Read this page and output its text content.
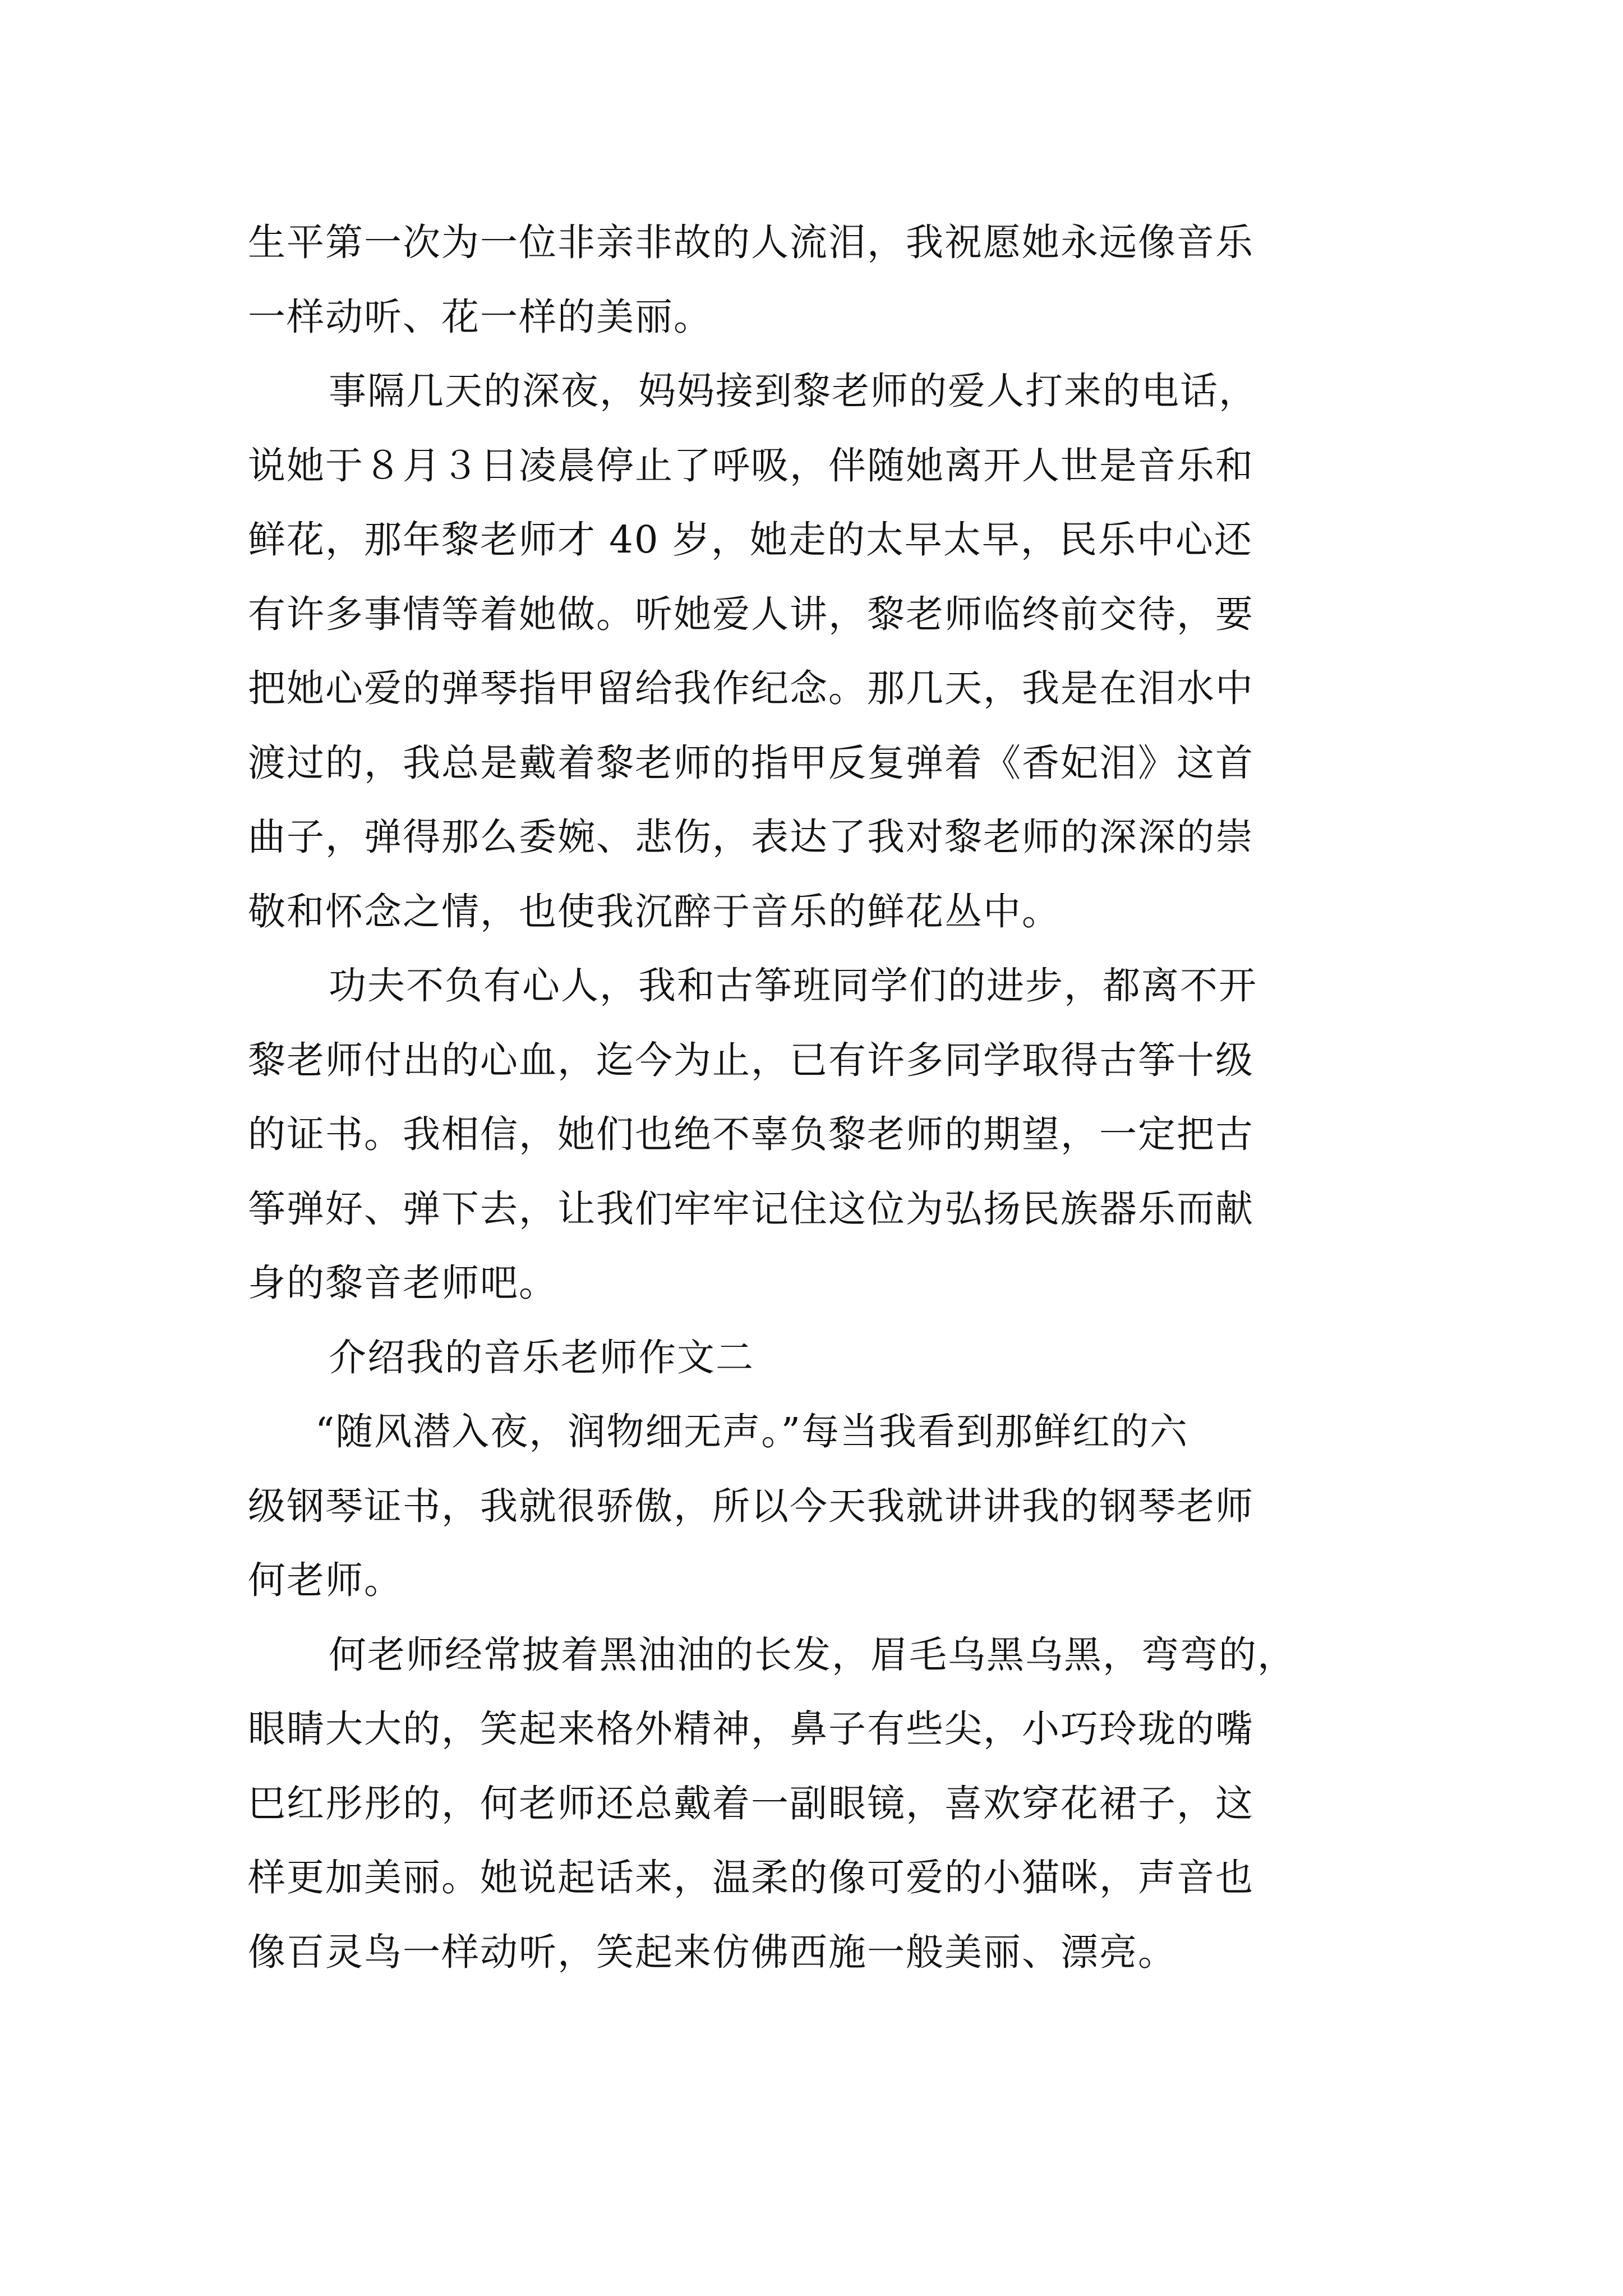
生平第一次为一位非亲非故的人流泪，我祝愿她永远像音乐
一样动听、花一样的美丽。
事隔几天的深夜，妈妈接到黎老师的爱人打来的电话，
说她于８月３日凌晨停止了呼吸，伴随她离开人世是音乐和
鲜花，那年黎老师才 40 岁，她走的太早太早，民乐中心还
有许多事情等着她做。听她爱人讲，黎老师临终前交待，要
把她心爱的弹琴指甲留给我作纪念。那几天，我是在泪水中
渡过的，我总是戴着黎老师的指甲反复弹着《香妃泪》这首
曲子，弹得那么委婉、悲伤，表达了我对黎老师的深深的崇
敬和怀念之情，也使我沉醉于音乐的鲜花丛中。
功夫不负有心人，我和古筝班同学们的进步，都离不开
黎老师付出的心血，迄今为止，已有许多同学取得古筝十级
的证书。我相信，她们也绝不辜负黎老师的期望，一定把古
筝弹好、弹下去，让我们牢牢记住这位为弘扬民族器乐而献
身的黎音老师吧。
介绍我的音乐老师作文二
“随风潜入夜，润物细无声。”每当我看到那鲜红的六
级钢琴证书，我就很骄傲，所以今天我就讲讲我的钢琴老师
何老师。
何老师经常披着黑油油的长发，眉毛乌黑乌黑，弯弯的，
眼睛大大的，笑起来格外精神，鼻子有些尖，小巧玲珑的嘴
巴红彤彤的，何老师还总戴着一副眼镜，喜欢穿花裙子，这
样更加美丽。她说起话来，温柔的像可爱的小猫咪，声音也
像百灵鸟一样动听，笑起来仿佛西施一般美丽、漂亮。
